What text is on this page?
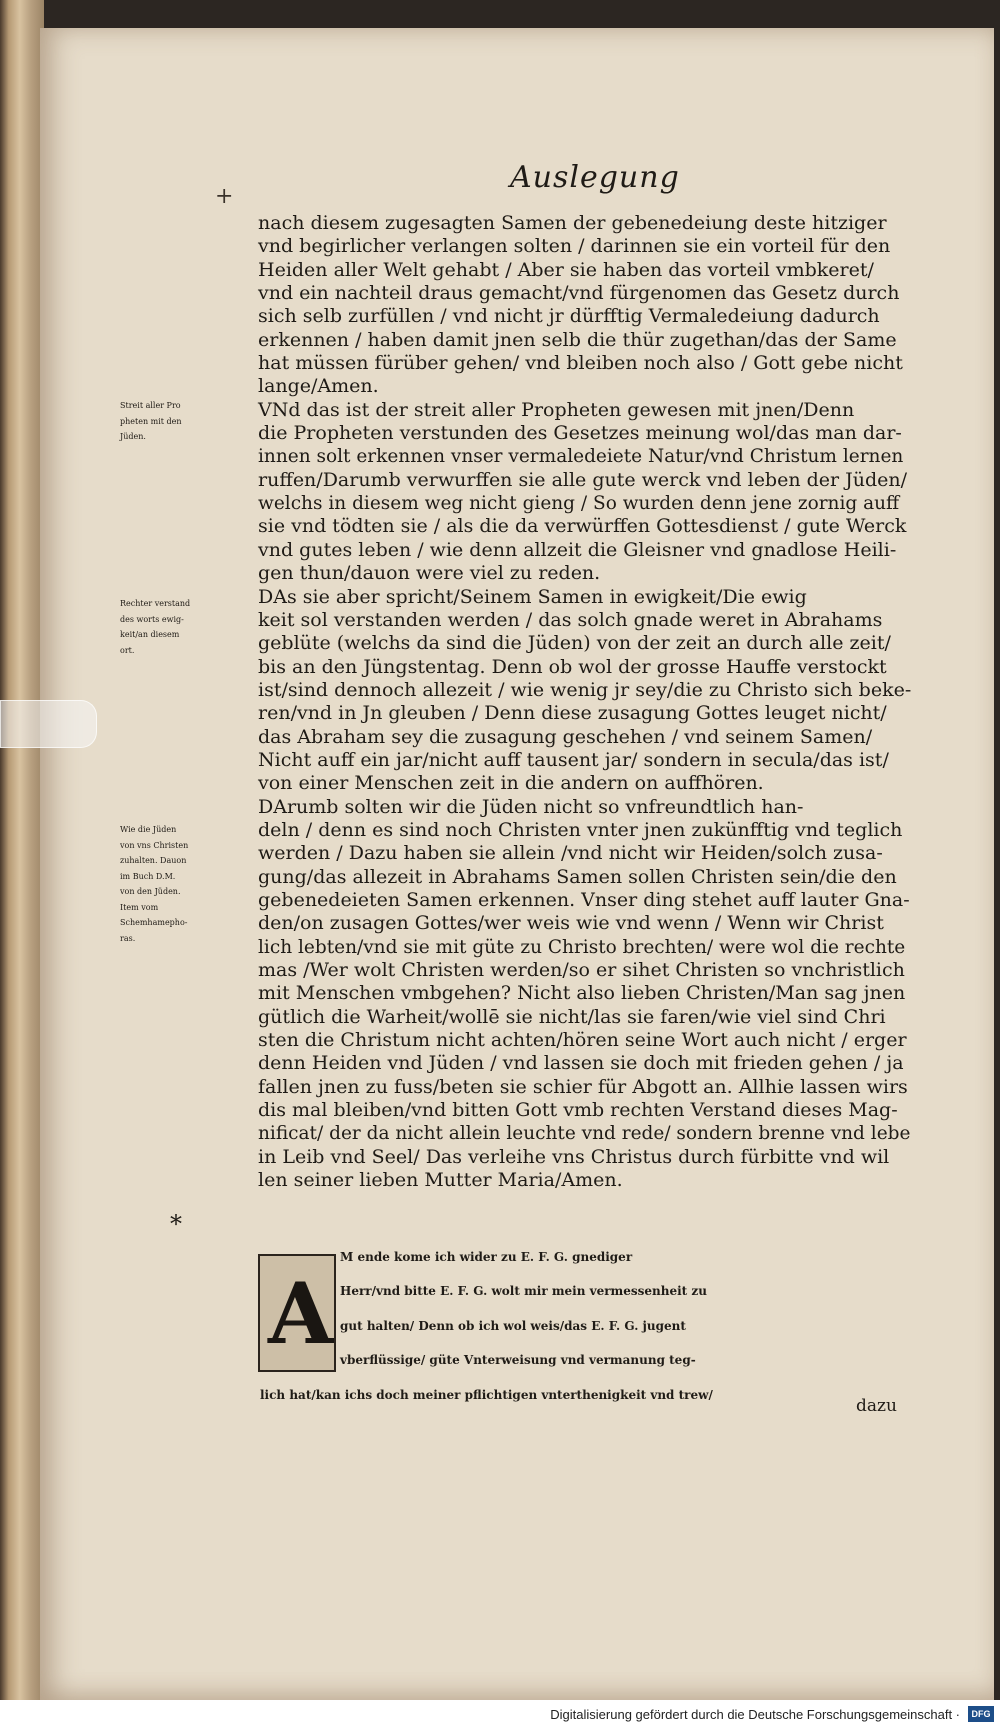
+
Auslegung
nach diesem zugesagten Samen der gebenedeiung deste hitziger
vnd begirlicher verlangen solten / darinnen sie ein vorteil für den
Heiden aller Welt gehabt / Aber sie haben das vorteil vmbkeret/
vnd ein nachteil draus gemacht/vnd fürgenomen das Gesetz durch
sich selb zurfüllen / vnd nicht jr dürfftig Vermaledeiung dadurch
erkennen / haben damit jnen selb die thür zugethan/das der Same
hat müssen fürüber gehen/ vnd bleiben noch also / Gott gebe nicht
lange/Amen.
VNd das ist der streit aller Propheten gewesen mit jnen/Denn
die Propheten verstunden des Gesetzes meinung wol/das man dar-
innen solt erkennen vnser vermaledeiete Natur/vnd Christum lernen
ruffen/Darumb verwurffen sie alle gute werck vnd leben der Jüden/
welchs in diesem weg nicht gieng / So wurden denn jene zornig auff
sie vnd tödten sie / als die da verwürffen Gottesdienst / gute Werck
vnd gutes leben / wie denn allzeit die Gleisner vnd gnadlose Heili-
gen thun/dauon were viel zu reden.
DAs sie aber spricht/Seinem Samen in ewigkeit/Die ewig
keit sol verstanden werden / das solch gnade weret in Abrahams
geblüte (welchs da sind die Jüden) von der zeit an durch alle zeit/
bis an den Jüngstentag. Denn ob wol der grosse Hauffe verstockt
ist/sind dennoch allezeit / wie wenig jr sey/die zu Christo sich beke-
ren/vnd in Jn gleuben / Denn diese zusagung Gottes leuget nicht/
das Abraham sey die zusagung geschehen / vnd seinem Samen/
Nicht auff ein jar/nicht auff tausent jar/ sondern in secula/das ist/
von einer Menschen zeit in die andern on auffhören.
DArumb solten wir die Jüden nicht so vnfreundtlich han-
deln / denn es sind noch Christen vnter jnen zukünfftig vnd teglich
werden / Dazu haben sie allein /vnd nicht wir Heiden/solch zusa-
gung/das allezeit in Abrahams Samen sollen Christen sein/die den
gebenedeieten Samen erkennen. Vnser ding stehet auff lauter Gna-
den/on zusagen Gottes/wer weis wie vnd wenn / Wenn wir Christ
lich lebten/vnd sie mit güte zu Christo brechten/ were wol die rechte
mas /Wer wolt Christen werden/so er sihet Christen so vnchristlich
mit Menschen vmbgehen? Nicht also lieben Christen/Man sag jnen
gütlich die Warheit/wollē sie nicht/las sie faren/wie viel sind Chri
sten die Christum nicht achten/hören seine Wort auch nicht / erger
denn Heiden vnd Jüden / vnd lassen sie doch mit frieden gehen / ja
fallen jnen zu fuss/beten sie schier für Abgott an. Allhie lassen wirs
dis mal bleiben/vnd bitten Gott vmb rechten Verstand dieses Mag-
nificat/ der da nicht allein leuchte vnd rede/ sondern brenne vnd lebe
in Leib vnd Seel/ Das verleihe vns Christus durch fürbitte vnd wil
len seiner lieben Mutter Maria/Amen.
Streit aller Pro
pheten mit den
Jüden.
Rechter verstand
des worts ewig-
keit/an diesem
ort.
Wie die Jüden
von vns Christen
zuhalten. Dauon
im Buch D.M.
von den Jüden.
Item vom
Schemhamepho-
ras.
*
A
M ende kome ich wider zu E. F. G. gnediger
Herr/vnd bitte E. F. G. wolt mir mein vermessenheit zu
gut halten/ Denn ob ich wol weis/das E. F. G. jugent
vberflüssige/ güte Vnterweisung vnd vermanung teg-
lich hat/kan ichs doch meiner pflichtigen vnterthenigkeit vnd trew/
dazu
Digitalisierung gefördert durch die Deutsche Forschungsgemeinschaft ·	DFG
